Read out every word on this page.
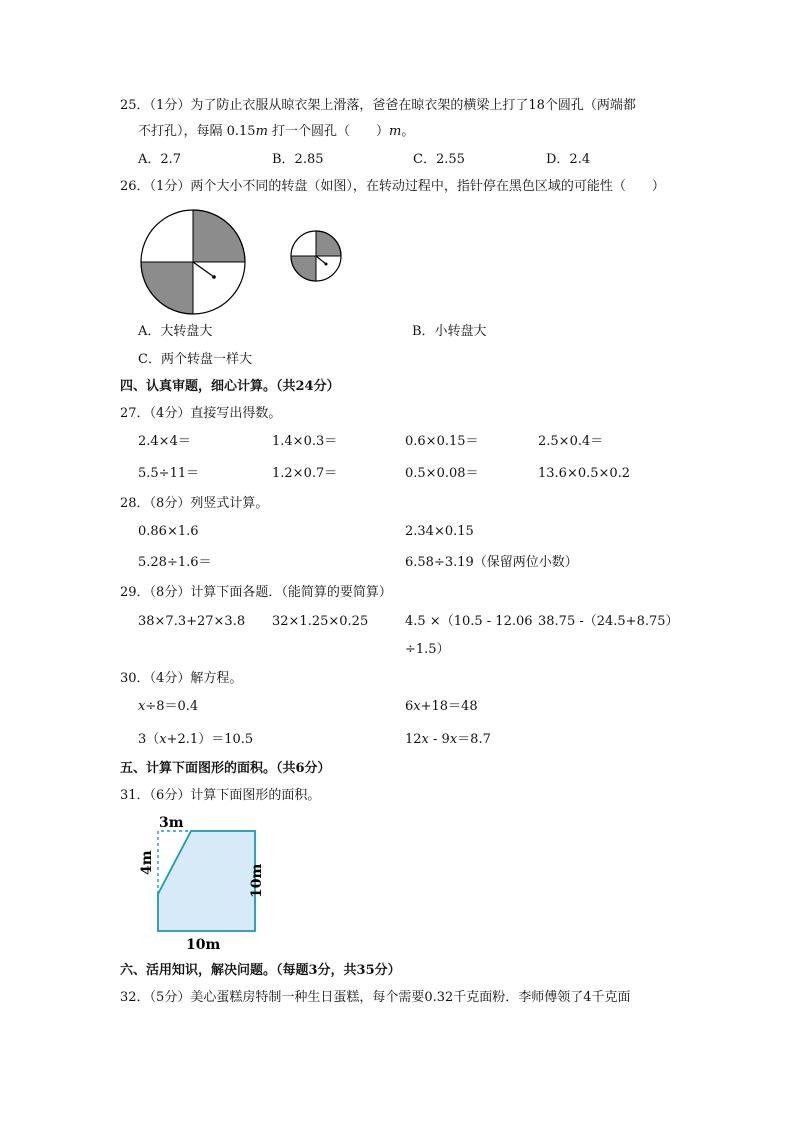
25．（1分）为了防止衣服从晾衣架上滑落，爸爸在晾衣架的横梁上打了18个圆孔（两端都
不打孔），每隔 0.15m 打一个圆孔（　　）m。
A．2.7	B．2.85	C．2.55	D．2.4
26．（1分）两个大小不同的转盘（如图），在转动过程中，指针停在黑色区域的可能性（　　）
A．大转盘大	B．小转盘大
C．两个转盘一样大
四、认真审题，细心计算。（共24分）
27．（4分）直接写出得数。
2.4×4＝	1.4×0.3＝	0.6×0.15＝	2.5×0.4＝
5.5÷11＝	1.2×0.7＝	0.5×0.08＝	13.6×0.5×0.2
28．（8分）列竖式计算。
0.86×1.6	2.34×0.15
5.28÷1.6＝	6.58÷3.19（保留两位小数）
29．（8分）计算下面各题．（能简算的要简算）
38×7.3+27×3.8 32×1.25×0.25	4.5 ×（10.5 - 12.06 38.75 -（24.5+8.75）
÷1.5）
30．（4分）解方程。
x÷8＝0.4	6x+18＝48
3（x+2.1）＝10.5	12x - 9x＝8.7
五、计算下面图形的面积。（共6分）
31．（6分）计算下面图形的面积。
3m
4m
10m
10m
六、活用知识，解决问题。（每题3分，共35分）
32．（5分）美心蛋糕房特制一种生日蛋糕，每个需要0.32千克面粉．李师傅领了4千克面
